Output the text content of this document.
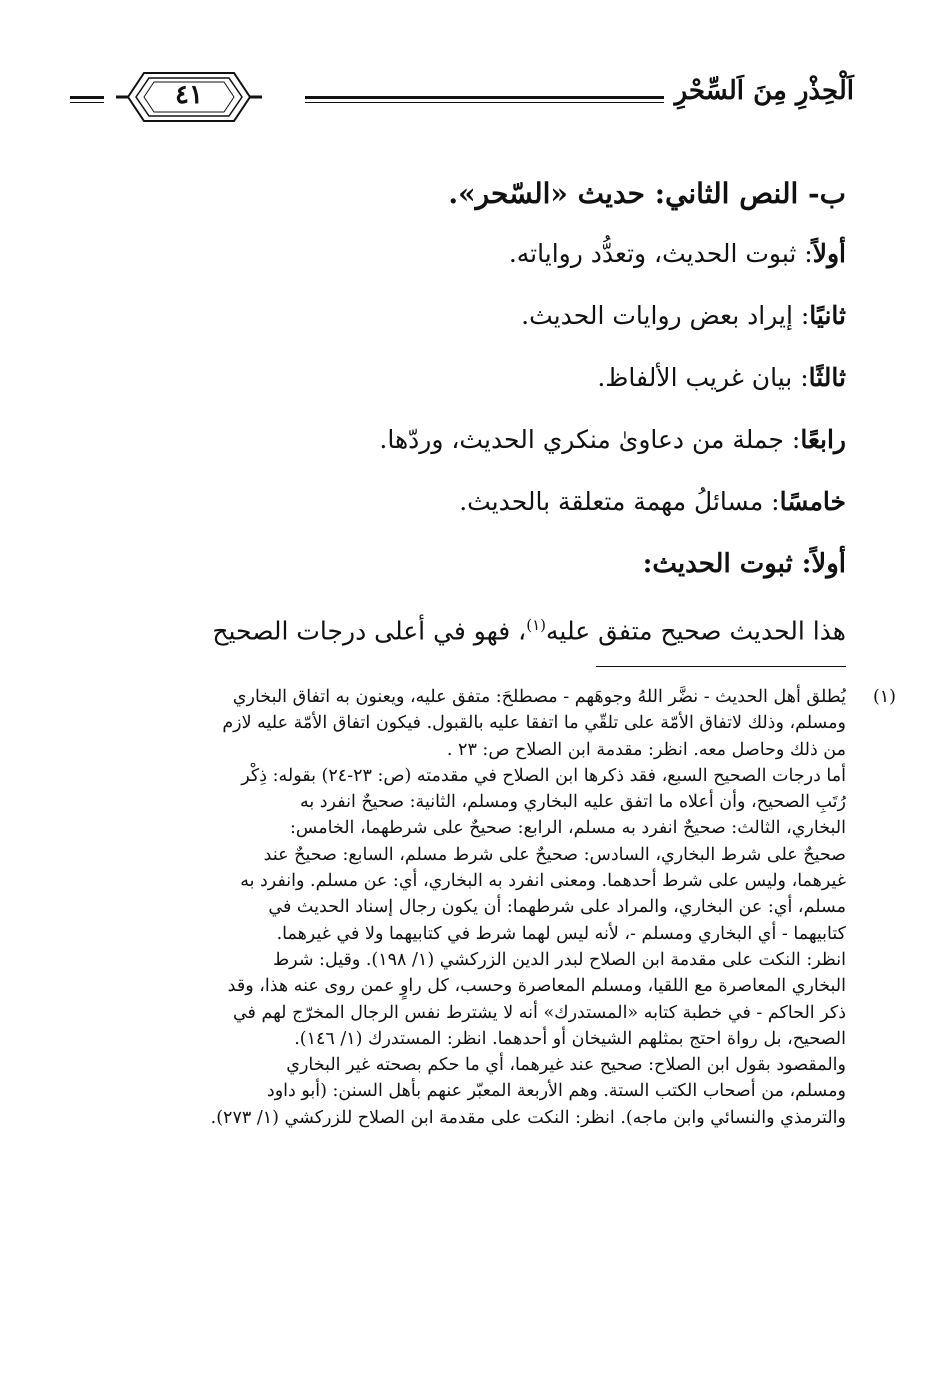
اَلْحِذْرِ مِنَ اَلسِّحْرِ
٤١
ب- النص الثاني: حديث «السّحر».
أولاً: ثبوت الحديث، وتعدُّد رواياته.
ثانيًا: إيراد بعض روايات الحديث.
ثالثًا: بيان غريب الألفاظ.
رابعًا: جملة من دعاوىٰ منكري الحديث، وردّها.
خامسًا: مسائلُ مهمة متعلقة بالحديث.
أولاً: ثبوت الحديث:
هذا الحديث صحيح متفق عليه$^{(١)}$، فهو في أعلى درجات الصحيح
(١)
يُطلق أهل الحديث - نضَّر اللهُ وجوهَهم - مصطلحَ: متفق عليه، ويعنون به اتفاق البخاري
ومسلم، وذلك لاتفاق الأمّة على تلقّي ما اتفقا عليه بالقبول. فيكون اتفاق الأمّة عليه لازم
من ذلك وحاصل معه. انظر: مقدمة ابن الصلاح ص: ٢٣ .
أما درجات الصحيح السبع، فقد ذكرها ابن الصلاح في مقدمته (ص: ٢٣-٢٤) بقوله: ذِكْر
رُتَبِ الصحيح، وأن أعلاه ما اتفق عليه البخاري ومسلم، الثانية: صحيحٌ انفرد به
البخاري، الثالث: صحيحٌ انفرد به مسلم، الرابع: صحيحٌ على شرطهما، الخامس:
صحيحٌ على شرط البخاري، السادس: صحيحٌ على شرط مسلم، السابع: صحيحٌ عند
غيرهما، وليس على شرط أحدهما. ومعنى انفرد به البخاري، أي: عن مسلم. وانفرد به
مسلم، أي: عن البخاري، والمراد على شرطهما: أن يكون رجال إسناد الحديث في
كتابيهما - أي البخاري ومسلم -، لأنه ليس لهما شرط في كتابيهما ولا في غيرهما.
انظر: النكت على مقدمة ابن الصلاح لبدر الدين الزركشي (١/ ١٩٨). وقيل: شرط
البخاري المعاصرة مع اللقيا، ومسلم المعاصرة وحسب، كل راوٍ عمن روى عنه هذا، وقد
ذكر الحاكم - في خطبة كتابه «المستدرك» أنه لا يشترط نفس الرجال المخرّج لهم في
الصحيح، بل رواة احتج بمثلهم الشيخان أو أحدهما. انظر: المستدرك (١/ ١٤٦).
والمقصود بقول ابن الصلاح: صحيح عند غيرهما، أي ما حكم بصحته غير البخاري
ومسلم، من أصحاب الكتب الستة. وهم الأربعة المعبّر عنهم بأهل السنن: (أبو داود
والترمذي والنسائي وابن ماجه). انظر: النكت على مقدمة ابن الصلاح للزركشي (١/ ٢٧٣).
